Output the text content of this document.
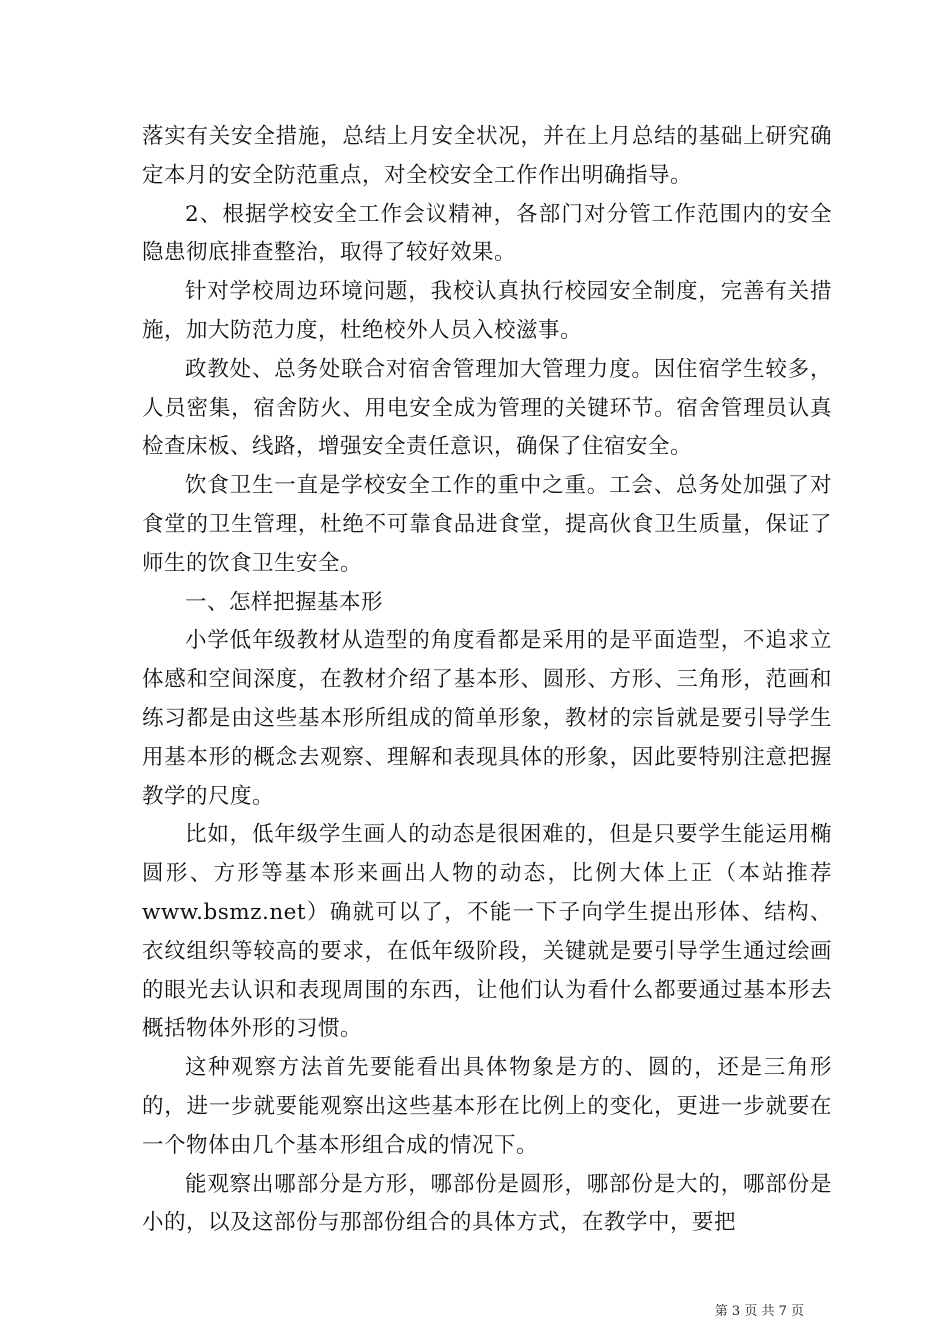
落实有关安全措施，总结上月安全状况，并在上月总结的基础上研究确定本月的安全防范重点，对全校安全工作作出明确指导。

2、根据学校安全工作会议精神，各部门对分管工作范围内的安全隐患彻底排查整治，取得了较好效果。

针对学校周边环境问题，我校认真执行校园安全制度，完善有关措施，加大防范力度，杜绝校外人员入校滋事。

政教处、总务处联合对宿舍管理加大管理力度。因住宿学生较多，人员密集，宿舍防火、用电安全成为管理的关键环节。宿舍管理员认真检查床板、线路，增强安全责任意识，确保了住宿安全。

饮食卫生一直是学校安全工作的重中之重。工会、总务处加强了对食堂的卫生管理，杜绝不可靠食品进食堂，提高伙食卫生质量，保证了师生的饮食卫生安全。

一、怎样把握基本形

小学低年级教材从造型的角度看都是采用的是平面造型，不追求立体感和空间深度，在教材介绍了基本形、圆形、方形、三角形，范画和练习都是由这些基本形所组成的简单形象，教材的宗旨就是要引导学生用基本形的概念去观察、理解和表现具体的形象，因此要特别注意把握教学的尺度。

比如，低年级学生画人的动态是很困难的，但是只要学生能运用椭圆形、方形等基本形来画出人物的动态，比例大体上正（本站推荐 www.bsmz.net）确就可以了，不能一下子向学生提出形体、结构、衣纹组织等较高的要求，在低年级阶段，关键就是要引导学生通过绘画的眼光去认识和表现周围的东西，让他们认为看什么都要通过基本形去概括物体外形的习惯。

这种观察方法首先要能看出具体物象是方的、圆的，还是三角形的，进一步就要能观察出这些基本形在比例上的变化，更进一步就要在一个物体由几个基本形组合成的情况下。

能观察出哪部分是方形，哪部份是圆形，哪部份是大的，哪部份是小的，以及这部份与那部份组合的具体方式，在教学中，要把

第 3 页 共 7 页
